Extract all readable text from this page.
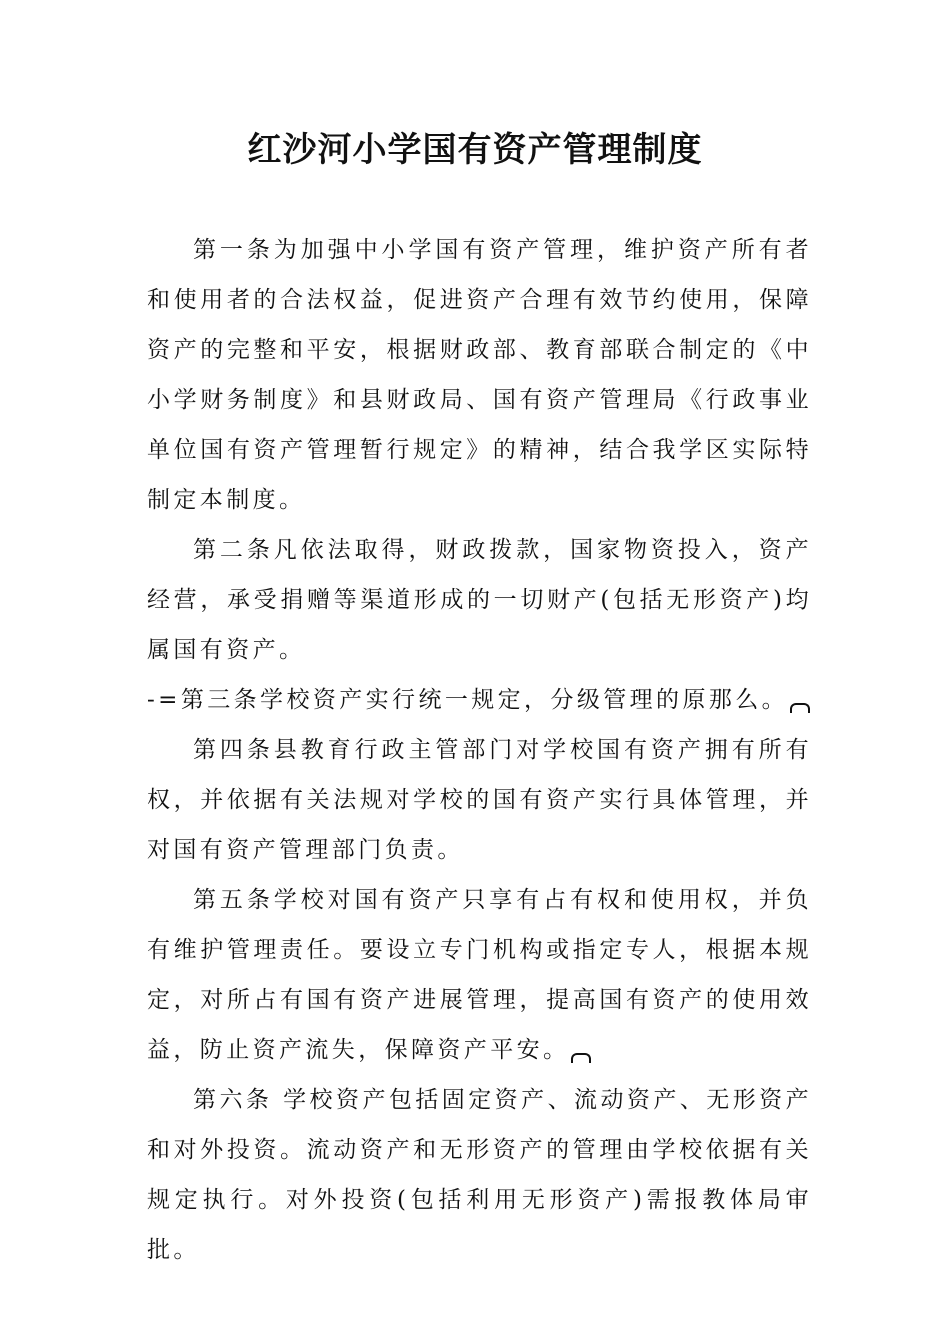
红沙河小学国有资产管理制度

第一条为加强中小学国有资产管理，维护资产所有者和使用者的合法权益，促进资产合理有效节约使用，保障资产的完整和平安，根据财政部、教育部联合制定的《中小学财务制度》和县财政局、国有资产管理局《行政事业单位国有资产管理暂行规定》的精神，结合我学区实际特制定本制度。

第二条凡依法取得，财政拨款，国家物资投入，资产经营，承受捐赠等渠道形成的一切财产(包括无形资产)均属国有资产。

-=第三条学校资产实行统一规定，分级管理的原那么。

第四条县教育行政主管部门对学校国有资产拥有所有权，并依据有关法规对学校的国有资产实行具体管理，并对国有资产管理部门负责。

第五条学校对国有资产只享有占有权和使用权，并负有维护管理责任。要设立专门机构或指定专人，根据本规定，对所占有国有资产进展管理，提高国有资产的使用效益，防止资产流失，保障资产平安。

第六条 学校资产包括固定资产、流动资产、无形资产和对外投资。流动资产和无形资产的管理由学校依据有关规定执行。对外投资(包括利用无形资产)需报教体局审批。
